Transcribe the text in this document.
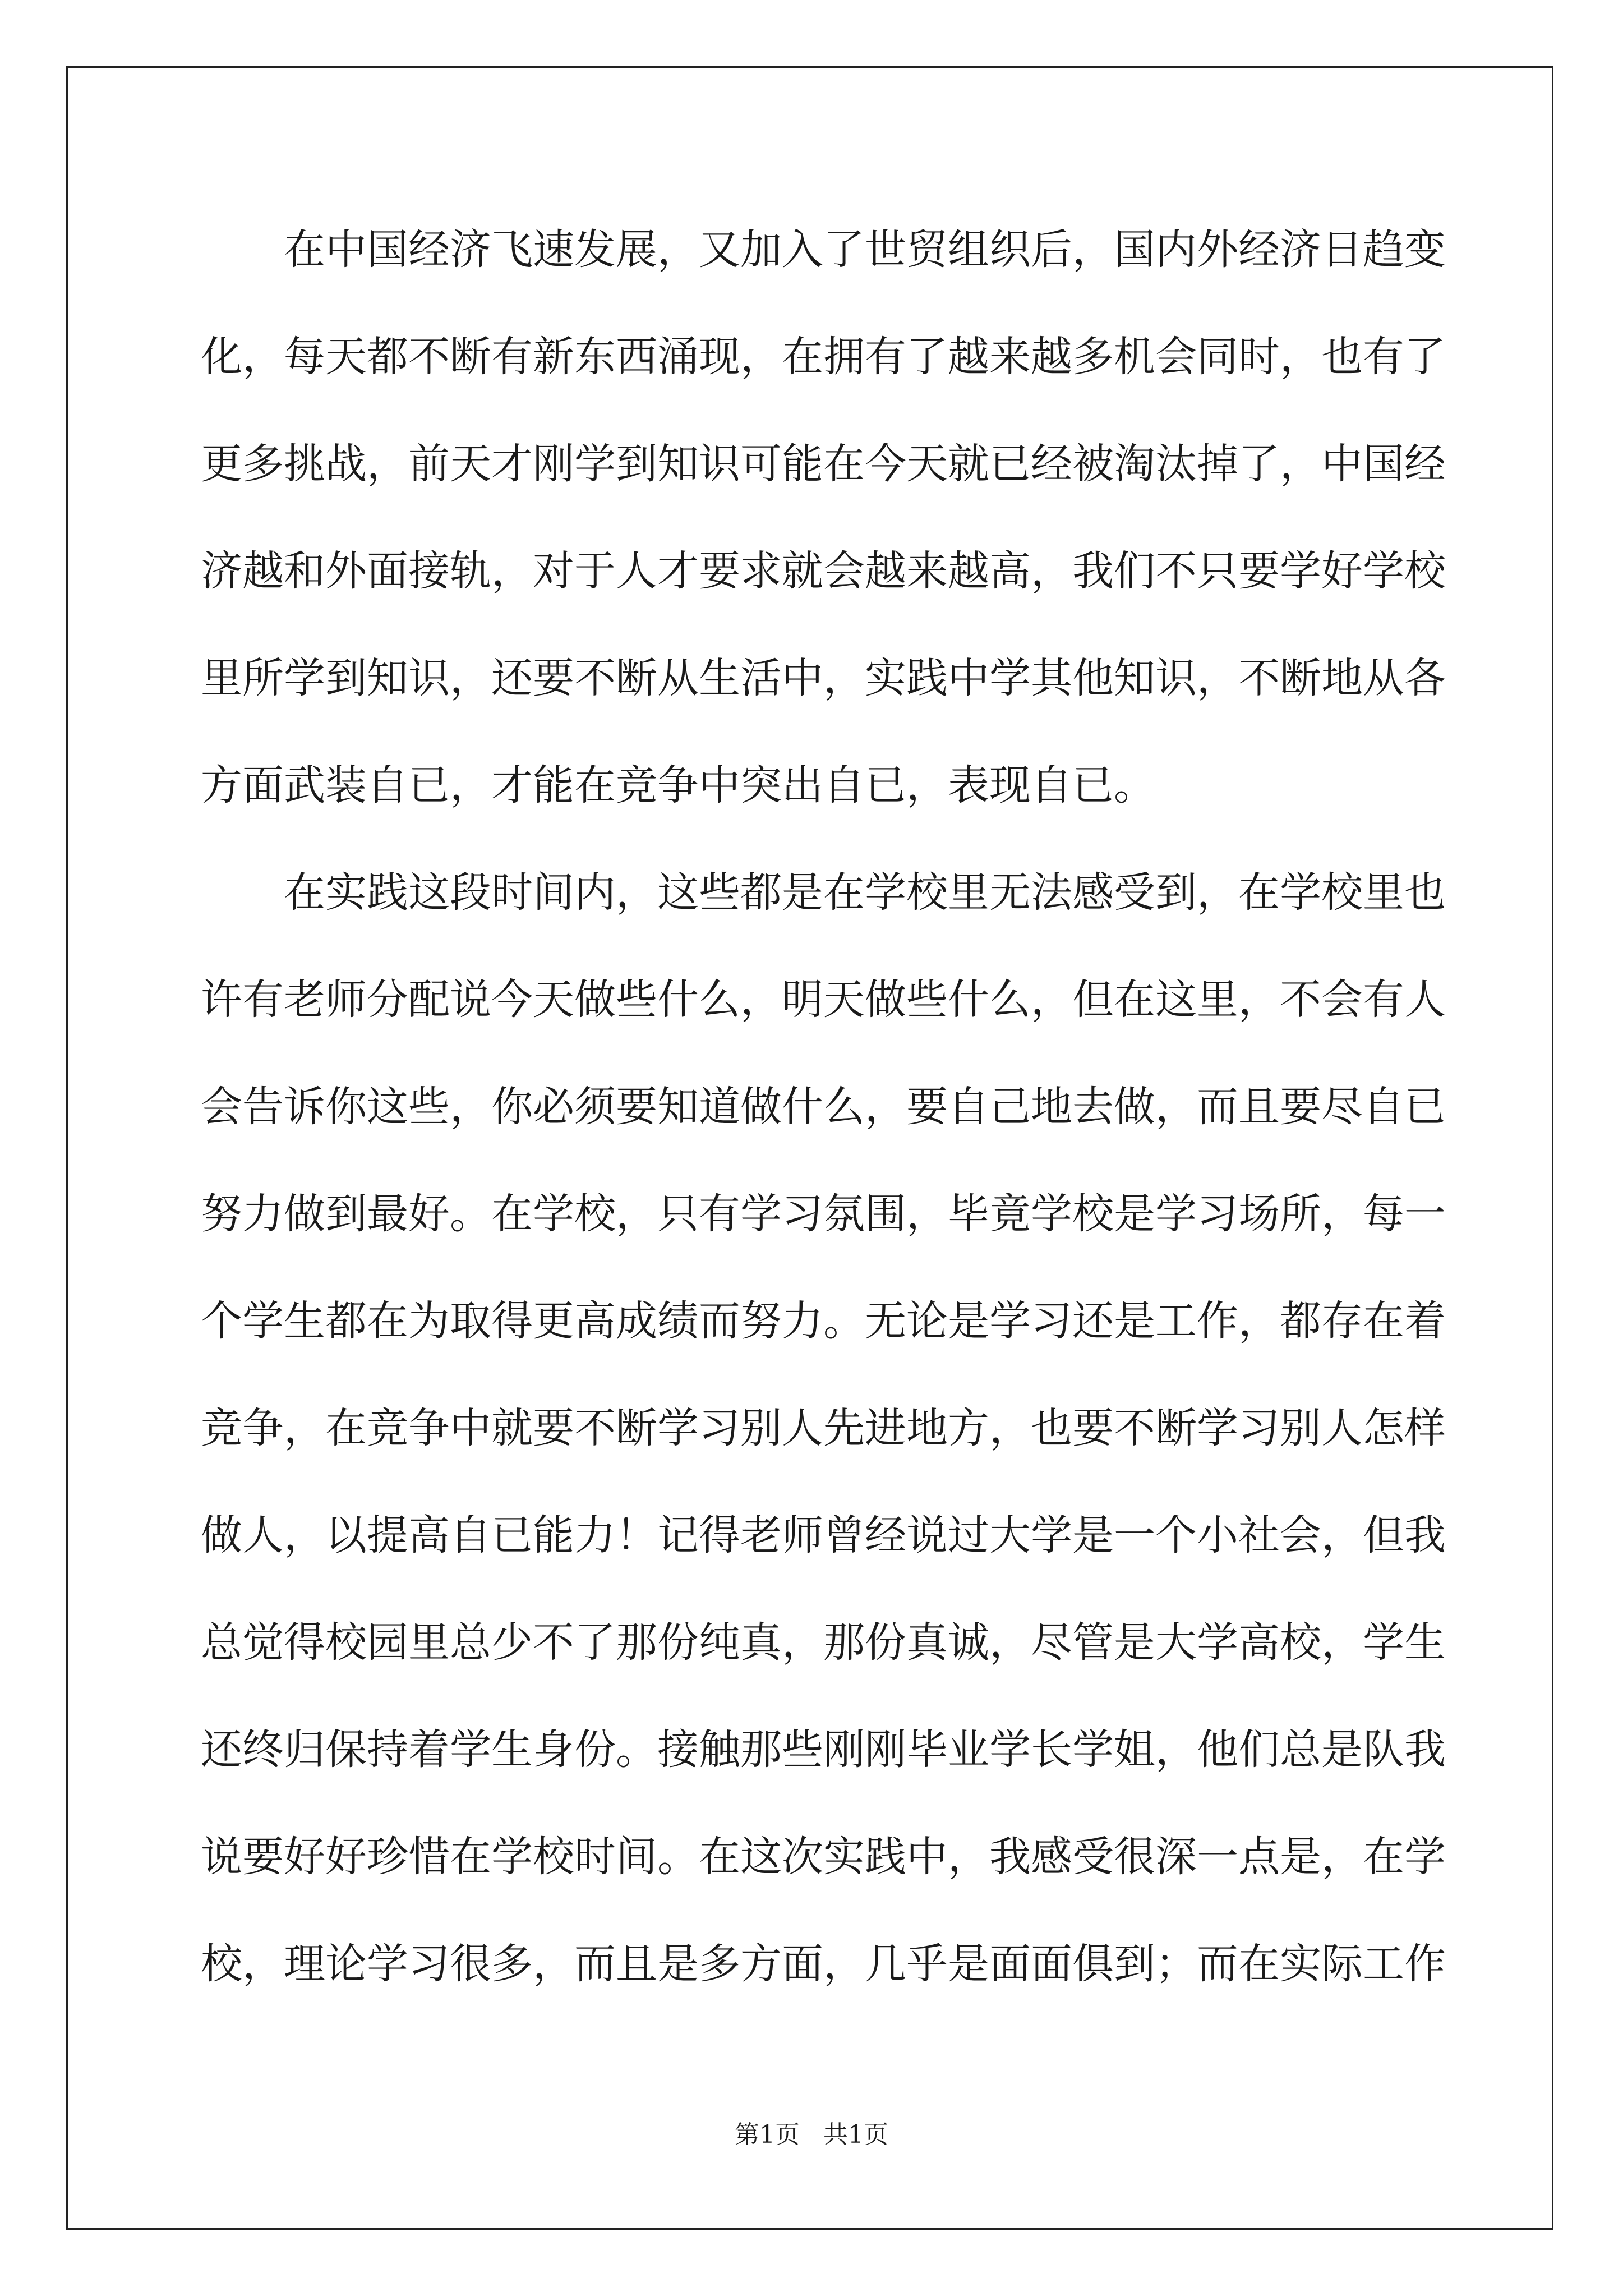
在中国经济飞速发展，又加入了世贸组织后，国内外经济日趋变
化，每天都不断有新东西涌现，在拥有了越来越多机会同时，也有了
更多挑战，前天才刚学到知识可能在今天就已经被淘汰掉了，中国经
济越和外面接轨，对于人才要求就会越来越高，我们不只要学好学校
里所学到知识，还要不断从生活中，实践中学其他知识，不断地从各
方面武装自已，才能在竞争中突出自已，表现自已。
在实践这段时间内，这些都是在学校里无法感受到，在学校里也
许有老师分配说今天做些什么，明天做些什么，但在这里，不会有人
会告诉你这些，你必须要知道做什么，要自己地去做，而且要尽自已
努力做到最好。在学校，只有学习氛围，毕竟学校是学习场所，每一
个学生都在为取得更高成绩而努力。无论是学习还是工作，都存在着
竞争，在竞争中就要不断学习别人先进地方，也要不断学习别人怎样
做人，以提高自已能力！记得老师曾经说过大学是一个小社会，但我
总觉得校园里总少不了那份纯真，那份真诚，尽管是大学高校，学生
还终归保持着学生身份。接触那些刚刚毕业学长学姐，他们总是队我
说要好好珍惜在学校时间。在这次实践中，我感受很深一点是，在学
校，理论学习很多，而且是多方面，几乎是面面俱到；而在实际工作
第1页   共1页
